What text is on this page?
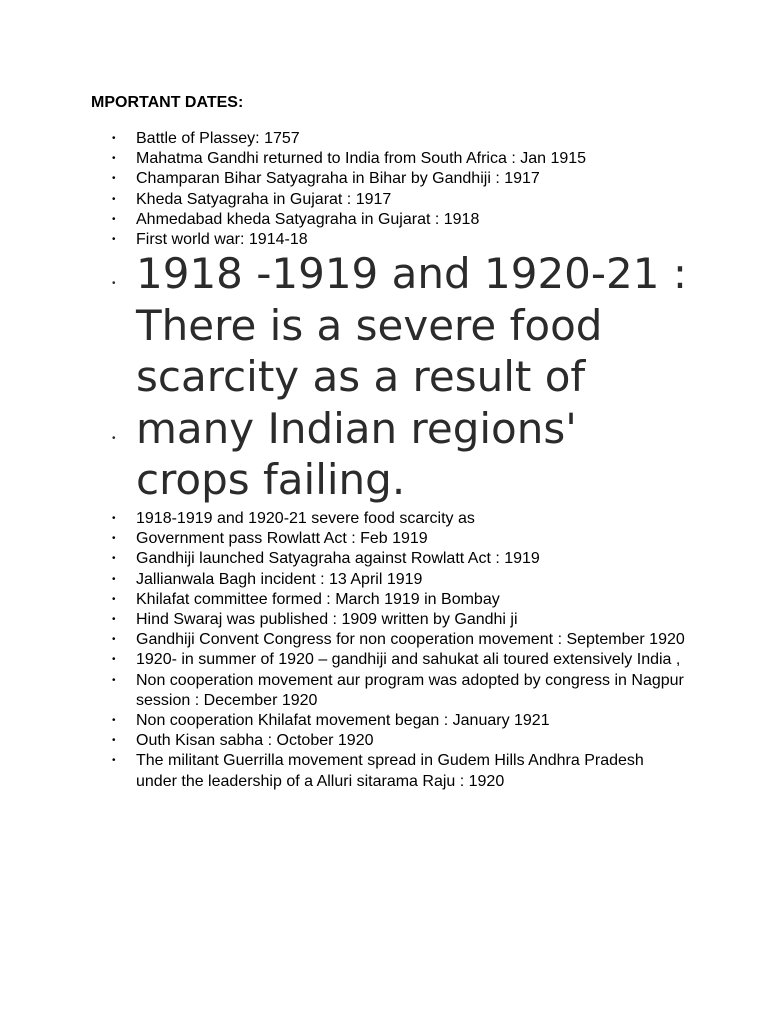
MPORTANT DATES:
• Battle of Plassey: 1757
• Mahatma Gandhi returned to India from South Africa : Jan 1915
• Champaran Bihar Satyagraha in Bihar by Gandhiji : 1917
• Kheda Satyagraha in Gujarat : 1917
• Ahmedabad kheda Satyagraha in Gujarat : 1918
• First world war: 1914-18
•
•

1918 -1919 and 1920-21 : There is a severe food scarcity as a result of many Indian regions' crops failing.

• 1918-1919 and 1920-21 severe food scarcity as
• Government pass Rowlatt Act : Feb 1919
• Gandhiji launched Satyagraha against Rowlatt Act : 1919
• Jallianwala Bagh incident : 13 April 1919
• Khilafat committee formed : March 1919 in Bombay
• Hind Swaraj was published : 1909 written by Gandhi ji
• Gandhiji Convent Congress for non cooperation movement : September 1920
• 1920- in summer of 1920 – gandhiji and sahukat ali toured extensively India ,
• Non cooperation movement aur program was adopted by congress in Nagpur session : December 1920
• Non cooperation Khilafat movement began : January 1921
• Outh Kisan sabha : October 1920
• The militant Guerrilla movement spread in Gudem Hills Andhra Pradesh under the leadership of a Alluri sitarama Raju : 1920
